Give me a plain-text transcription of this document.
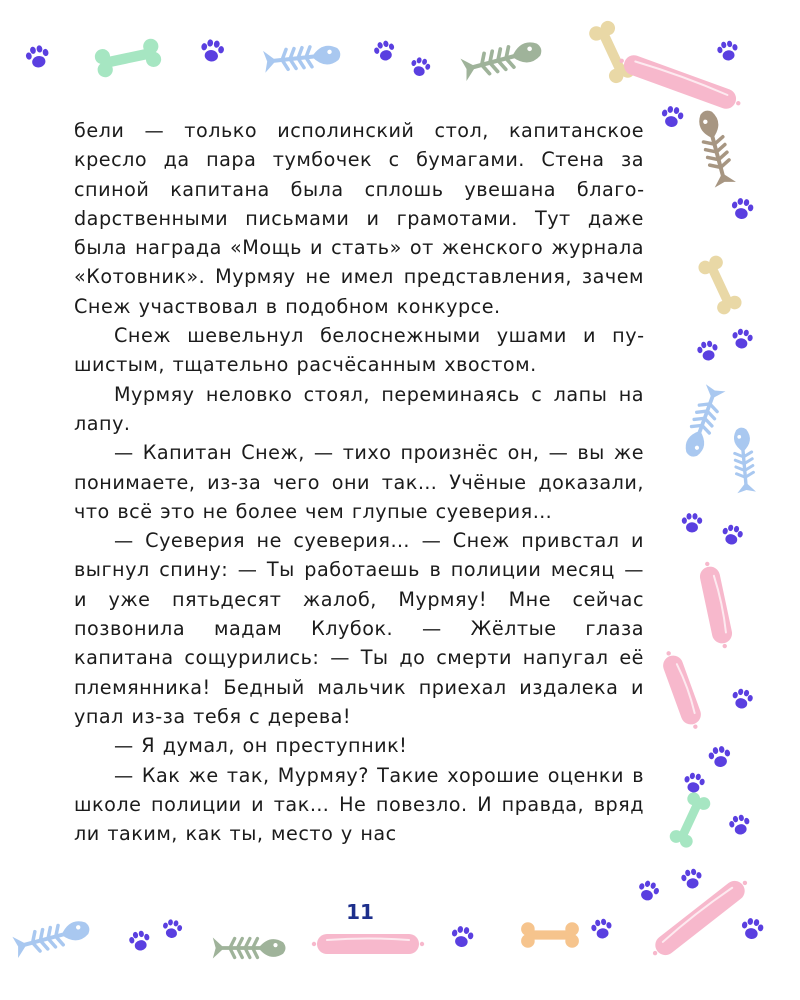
бели — только исполинский стол, капитанское кресло да пара тумбочек с бумагами. Стена за спиной капитана была сплошь увешана благоdарственными письмами и грамотами. Тут даже была награда «Мощь и стать» от женского журнала «Котовник». Мурмяу не имел представления, зачем Снеж участвовал в подобном конкурсе.

Снеж шевельнул белоснежными ушами и пушистым, тщательно расчёсанным хвостом.

Мурмяу неловко стоял, переминаясь с лапы на лапу.

— Капитан Снеж, — тихо произнёс он, — вы же понимаете, из-за чего они так… Учёные доказали, что всё это не более чем глупые суеверия…

— Суеверия не суеверия… — Снеж привстал и выгнул спину: — Ты работаешь в полиции месяц — и уже пятьдесят жалоб, Мурмяу! Мне сейчас позвонила мадам Клубок. — Жёлтые глаза капитана сощурились: — Ты до смерти напугал её племянника! Бедный мальчик приехал издалека и упал из-за тебя с дерева!

— Я думал, он преступник!

— Как же так, Мурмяу? Такие хорошие оценки в школе полиции и так… Не повезло. И правда, вряд ли таким, как ты, место у нас

11
